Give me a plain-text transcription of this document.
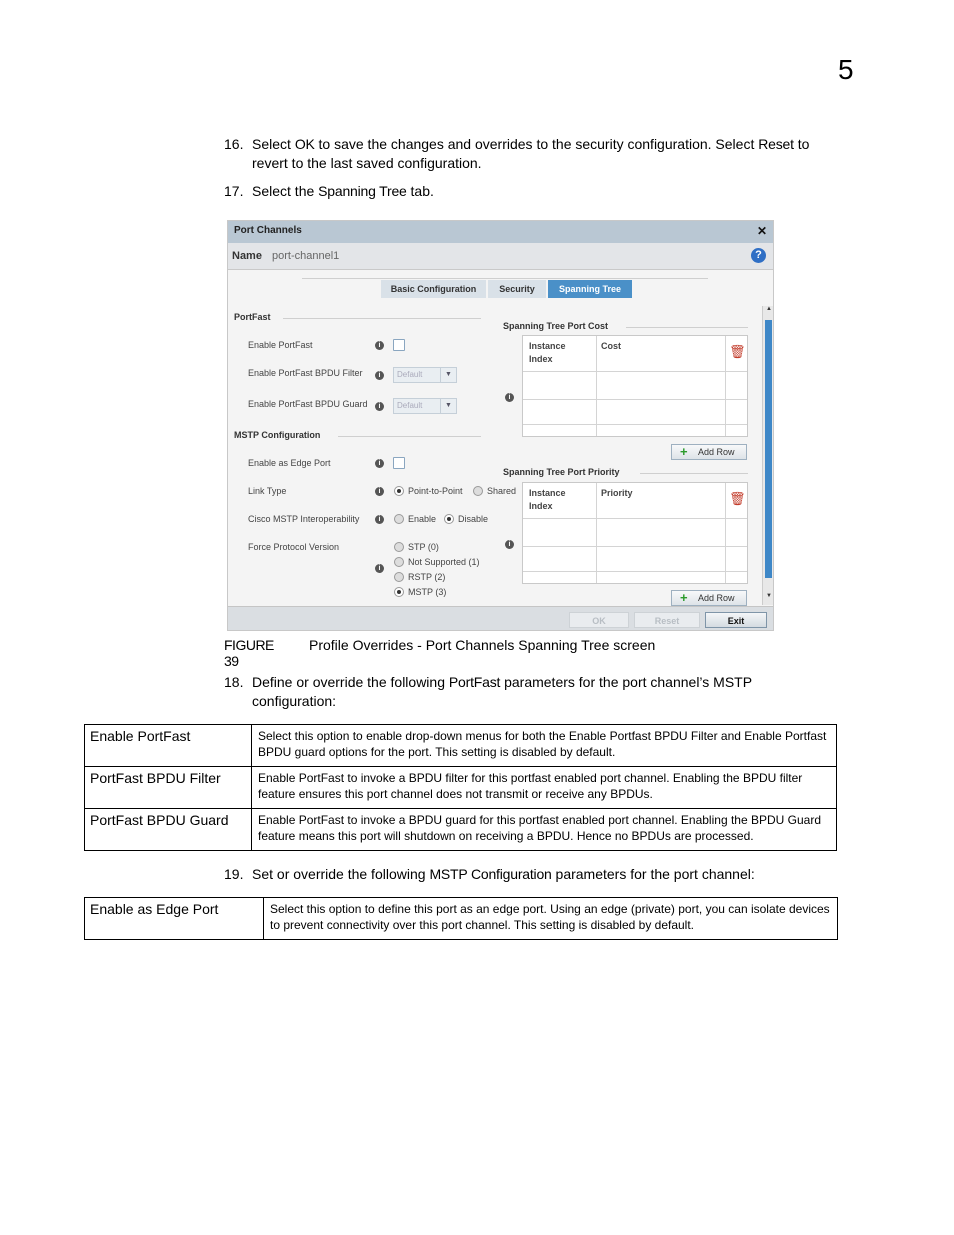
5
16. Select OK to save the changes and overrides to the security configuration. Select Reset to
revert to the last saved configuration.
17. Select the Spanning Tree tab.
Port Channels	✕
Name port-channel1	?
Basic Configuration	Security	Spanning Tree
PortFast
Enable PortFast	i
Enable PortFast BPDU Filter	i	Default	▼
Enable PortFast BPDU Guard	i	Default	▼
MSTP Configuration
Enable as Edge Port	i
Link Type	i	Point-to-Point	Shared
Cisco MSTP Interoperability	i	Enable Disable
Force Protocol Version
i
STP (0)
Not Supported (1)
RSTP (2)
MSTP (3)
Spanning Tree Port Cost
i
Instance
Index
Cost	🗑
+ Add Row
Spanning Tree Port Priority
i
Instance
Index
Priority	🗑
+ Add Row
▲
▼
OK	Reset	Exit
FIGURE 39
Profile Overrides - Port Channels Spanning Tree screen
18. Define or override the following PortFast parameters for the port channel’s MSTP
configuration:
Enable PortFast	Select this option to enable drop-down menus for both the Enable Portfast BPDU Filter and Enable Portfast BPDU guard options for the port. This setting is disabled by default.
PortFast BPDU Filter	Enable PortFast to invoke a BPDU filter for this portfast enabled port channel. Enabling the BPDU filter feature ensures this port channel does not transmit or receive any BPDUs.
PortFast BPDU Guard	Enable PortFast to invoke a BPDU guard for this portfast enabled port channel. Enabling the BPDU Guard feature means this port will shutdown on receiving a BPDU. Hence no BPDUs are processed.
19. Set or override the following MSTP Configuration parameters for the port channel:
Enable as Edge Port	Select this option to define this port as an edge port. Using an edge (private) port, you can isolate devices to prevent connectivity over this port channel. This setting is disabled by default.
